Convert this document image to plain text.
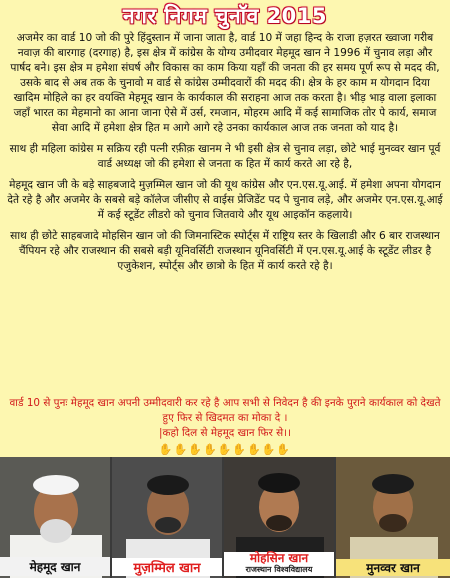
नगर निगम चुनाॅव 2015

अजमेर का वार्ड 10 जो की पुरे हिंदुस्तान में जाना जाता है, वार्ड 10 में जहा हिन्द के राजा हज़रत ख्वाजा गरीब नवाज़ की बारगाह (दरगाह) है, इस क्षेत्र में कांग्रेस के योग्य उमीदवार मेहमूद खान ने 1996 में चुनाव लड़ा और पार्षद बने। इस क्षेत्र म हमेशा संघर्ष और विकास का काम किया यहाँ की जनता की हर समय पूर्ण रूप से मदद की, उसके बाद से अब तक के चुनावो म वार्ड से कांग्रेस उम्मीदवारों की मदद की। क्षेत्र के हर काम म योगदान दिया खादिम मोहिले का हर वयक्ति मेहमूद खान के कार्यकाल की सराहना आज तक करता है। भीड़ भाड़ वाला इलाका जहाँ भारत का मेहमानो का आना जाना ऐसे में उर्स, रमजान, मोहरम आदि में कई सामाजिक तोर पे कार्य, समाज सेवा आदि में हमेशा क्षेत्र हित म आगे आगे रहे उनका कार्यकाल आज तक जनता को याद है।

साथ ही महिला कांग्रेस म सक्रिय रही पत्नी रफ़ीक़ खानम ने भी इसी क्षेत्र से चुनाव लड़ा, छोटे भाई मुनव्वर खान पूर्व वार्ड अध्यक्ष जो की हमेशा से जनता क हित में कार्य करते आ रहे है,

मेहमूद खान जी के बड़े साहबजादे मुज़म्मिल खान जो की यूथ कांग्रेस और एन.एस.यू.आई. में हमेशा अपना योगदान देते रहे है और अजमेर के सबसे बड़े कॉलेज जीसीए से वाईस प्रेजिडेंट पद पे चुनाव लड़े, और अजमेर एन.एस.यू.आई में कई स्टूडेंट लीडरो को चुनाव जितवाये और यूथ आइकॉन कहलाये।

साथ ही छोटे साहबजादे मोहसिन खान जो की जिमनास्टिक स्पोर्ट्स में राष्ट्रिय स्तर के खिलाडी और 6 बार राजस्थान चैंपियन रहे और राजस्थान की सबसे बड़ी यूनिवर्सिटी राजस्थान यूनिवर्सिटी में एन.एस.यू.आई के स्टूडेंट लीडर है एजुकेशन, स्पोर्ट्स और छात्रो के हित में कार्य करते रहे है।

वार्ड 10 से पुनः मेहमूद खान अपनी उम्मीदवारी कर रहे है आप सभी से निवेदन है की इनके पुराने कार्यकाल को देखते हुए फिर से खिदमत का मोका दे ।

|कहो दिल से मेहमूद खान फिर से।।

✋✋✋✋✋✋✋✋✋
मेहमूद खान	मुज़म्मिल खान
मोहसिन खान
राजस्थान विश्वविद्यालय	मुनव्वर खान
